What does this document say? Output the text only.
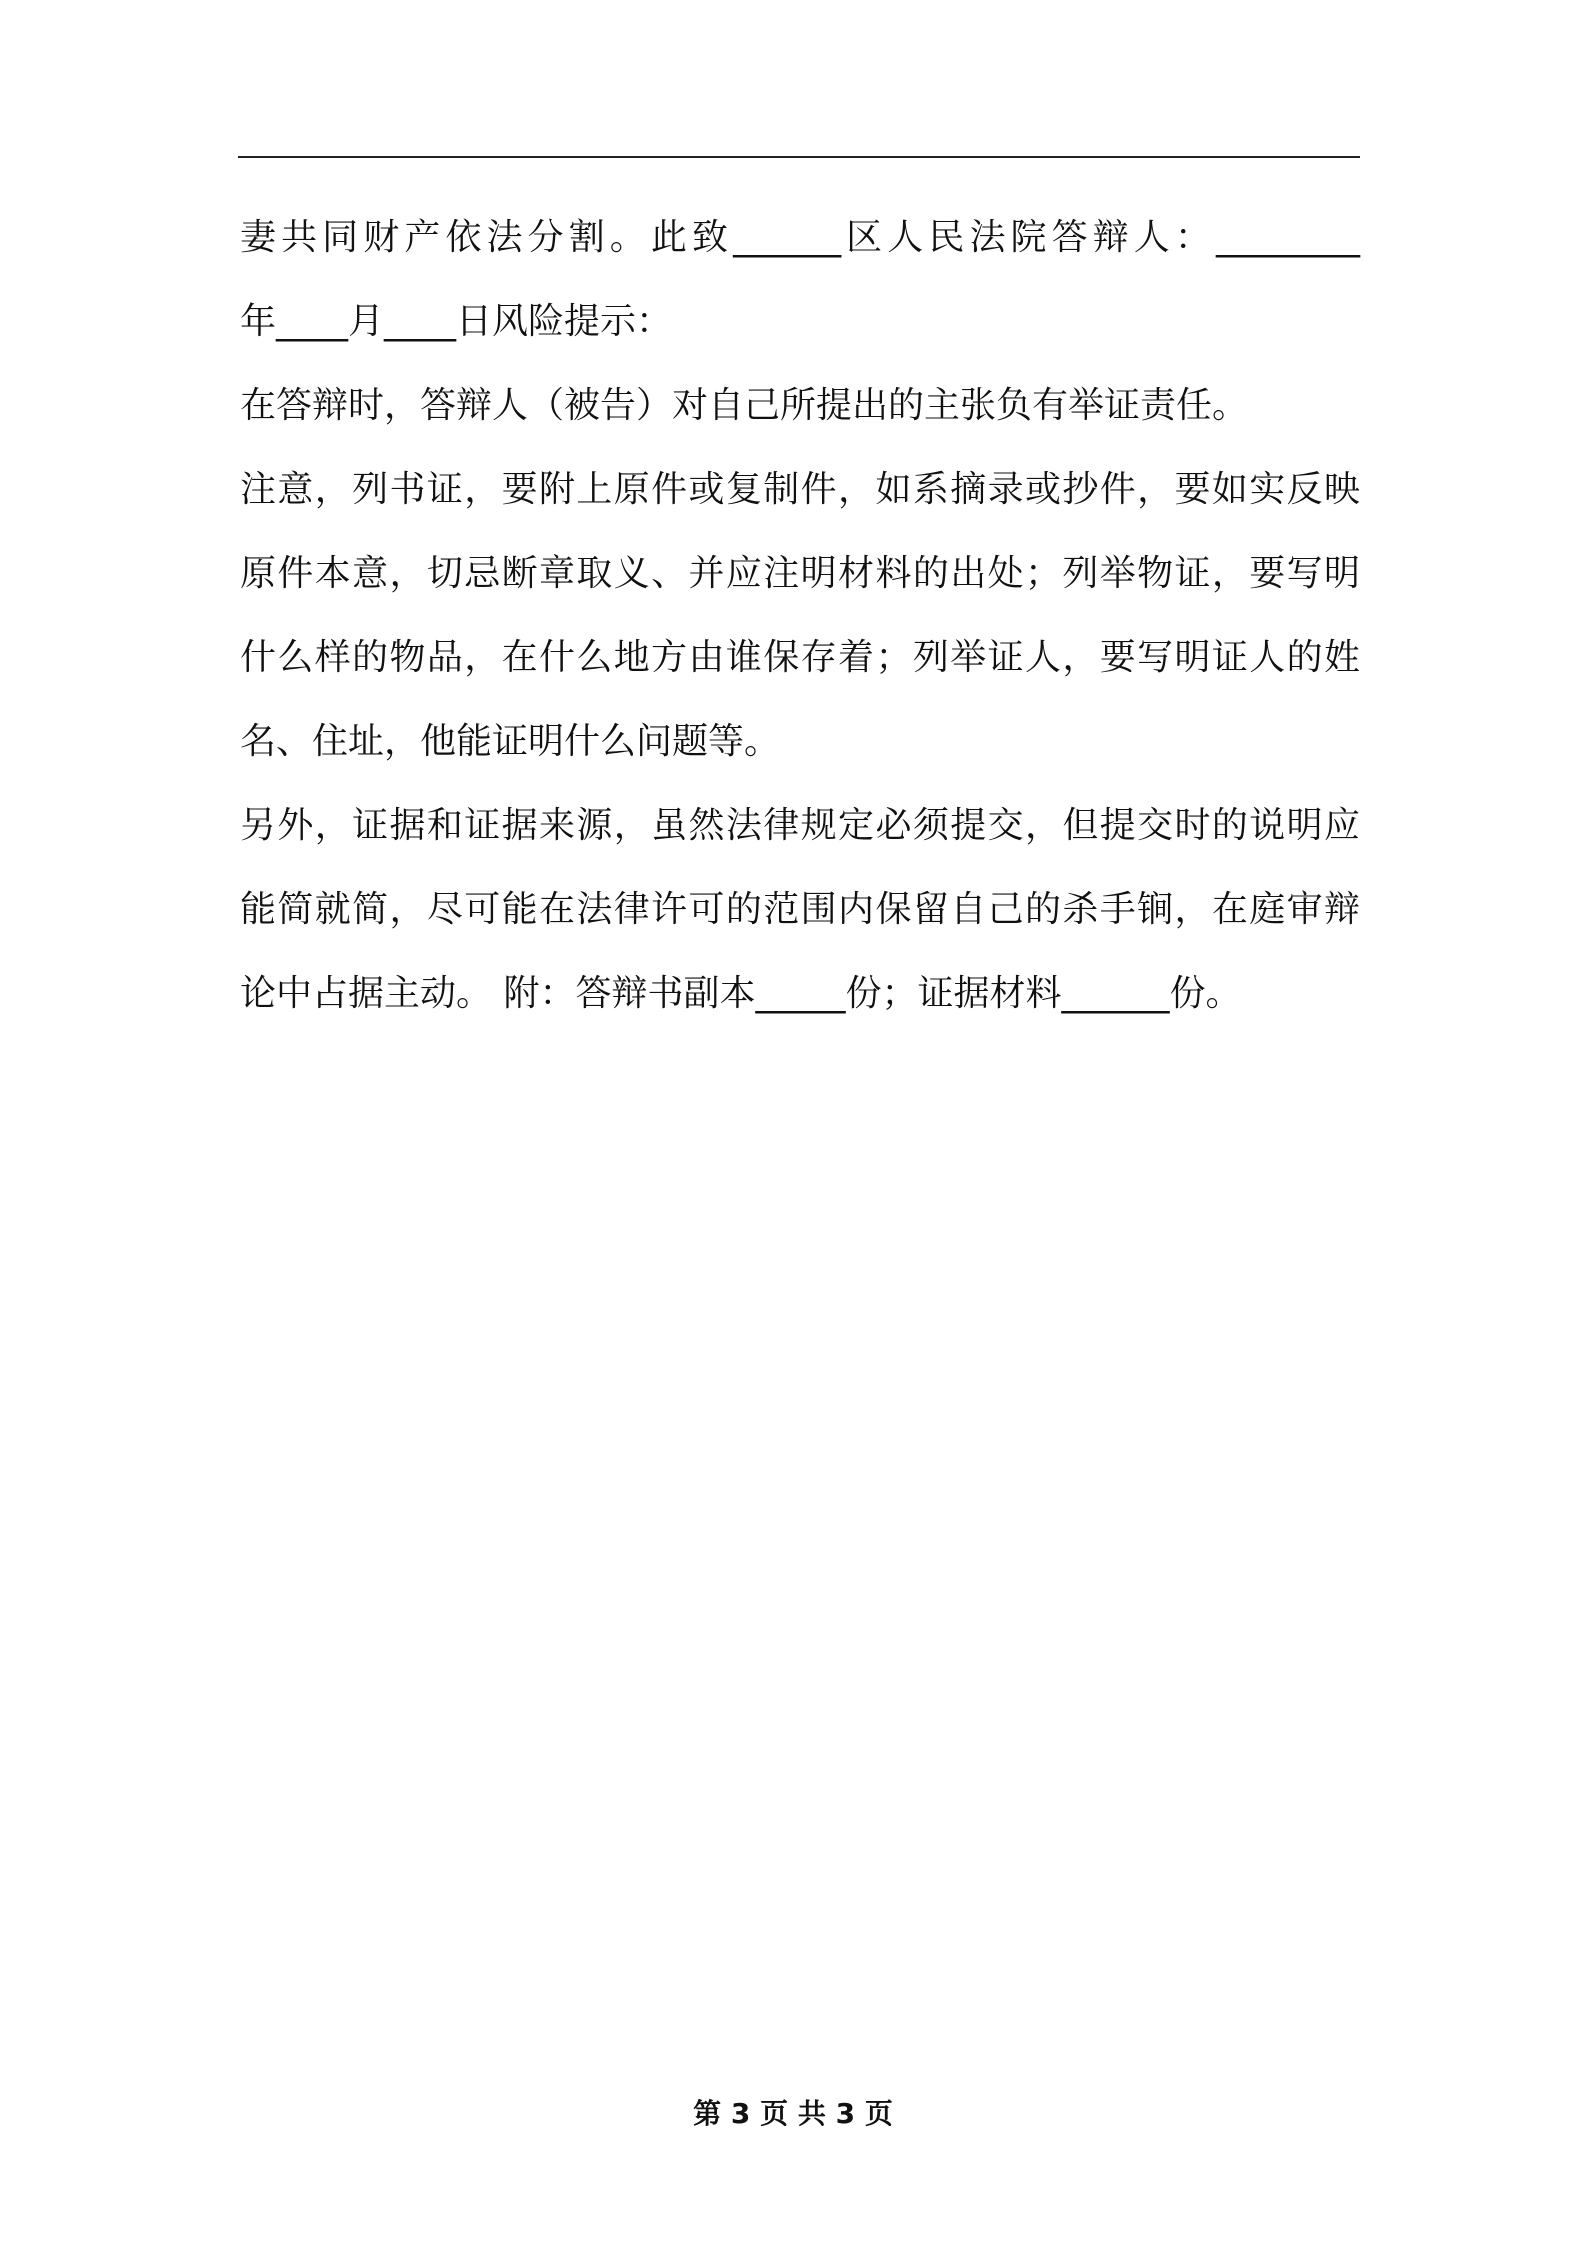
妻共同财产依法分割。此致______区人民法院答辩人：________
年____月____日风险提示：
在答辩时，答辩人（被告）对自己所提出的主张负有举证责任。
注意，列书证，要附上原件或复制件，如系摘录或抄件，要如实反映
原件本意，切忌断章取义、并应注明材料的出处；列举物证，要写明
什么样的物品，在什么地方由谁保存着；列举证人，要写明证人的姓
名、住址，他能证明什么问题等。
另外，证据和证据来源，虽然法律规定必须提交，但提交时的说明应
能简就简，尽可能在法律许可的范围内保留自己的杀手锏，在庭审辩
论中占据主动。 附：答辩书副本_____份；证据材料______份。
第 3 页 共 3 页
